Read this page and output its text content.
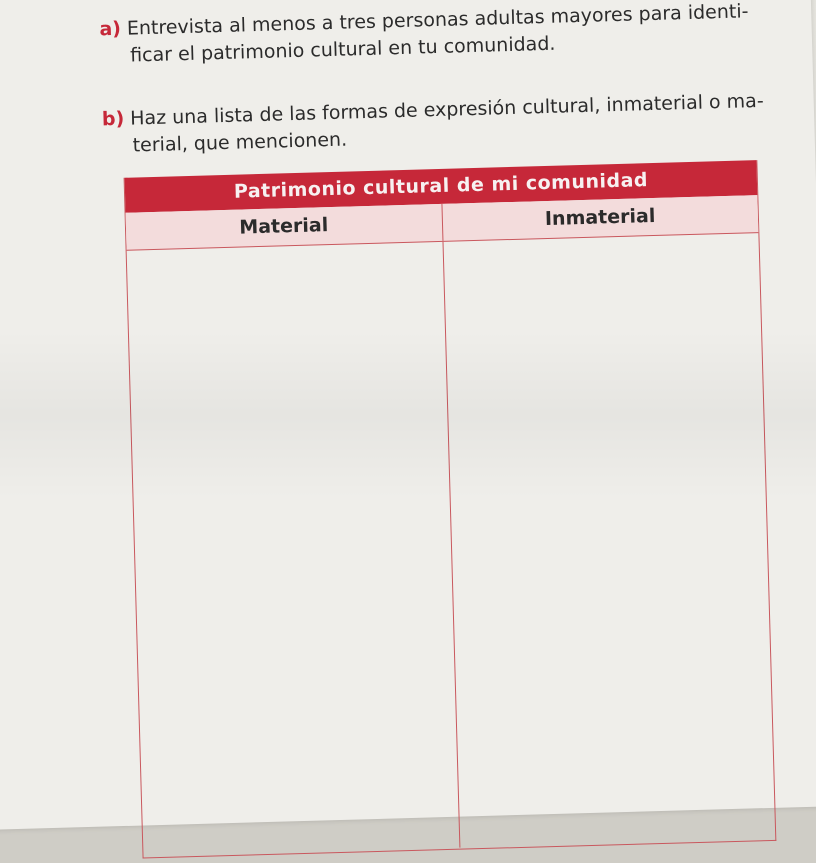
a) Entrevista al menos a tres personas adultas mayores para identi-
ficar el patrimonio cultural en tu comunidad.
b) Haz una lista de las formas de expresión cultural, inmaterial o ma-
terial, que mencionen.
Patrimonio cultural de mi comunidad
Material	Inmaterial
